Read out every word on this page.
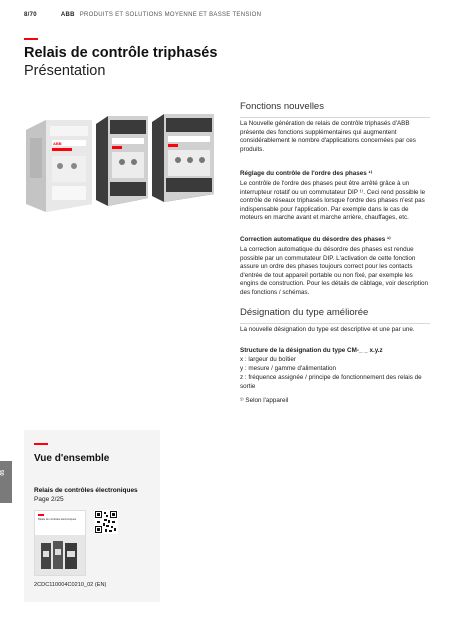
8/70	ABB PRODUITS ET SOLUTIONS MOYENNE ET BASSE TENSION
Relais de contrôle triphasés
Présentation
ABB
Fonctions nouvelles

La Nouvelle génération de relais de contrôle triphasés d'ABB présente des fonctions supplémentaires qui augmentent considérablement le nombre d'applications concernées par ces produits.

Réglage du contrôle de l'ordre des phases ¹⁾

Le contrôle de l'ordre des phases peut être arrêté grâce à un interrupteur rotatif ou un commutateur DIP ¹⁾. Ceci rend possible le contrôle de réseaux triphasés lorsque l'ordre des phases n'est pas indispensable pour l'application. Par exemple dans le cas de moteurs en marche avant et marche arrière, chauffages, etc.

Correction automatique du désordre des phases ¹⁾

La correction automatique du désordre des phases est rendue possible par un commutateur DIP. L'activation de cette fonction assure un ordre des phases toujours correct pour les contacts d'entrée de tout appareil portable ou non fixé, par exemple les engins de construction. Pour les détails de câblage, voir description des fonctions / schémas.

Désignation du type améliorée

La nouvelle désignation du type est descriptive et une par une.

Structure de la désignation du type CM-_ _ x.y.z

x : largeur du boîtier

y : mesure / gamme d'alimentation

z : fréquence assignée / principe de fonctionnement des relais de sortie

¹⁾ Selon l'appareil

05
Vue d'ensemble
Relais de contrôles électroniques
Page 2/25
Relais de contrôles électroniques
2CDC110004C0210_02 (EN)
